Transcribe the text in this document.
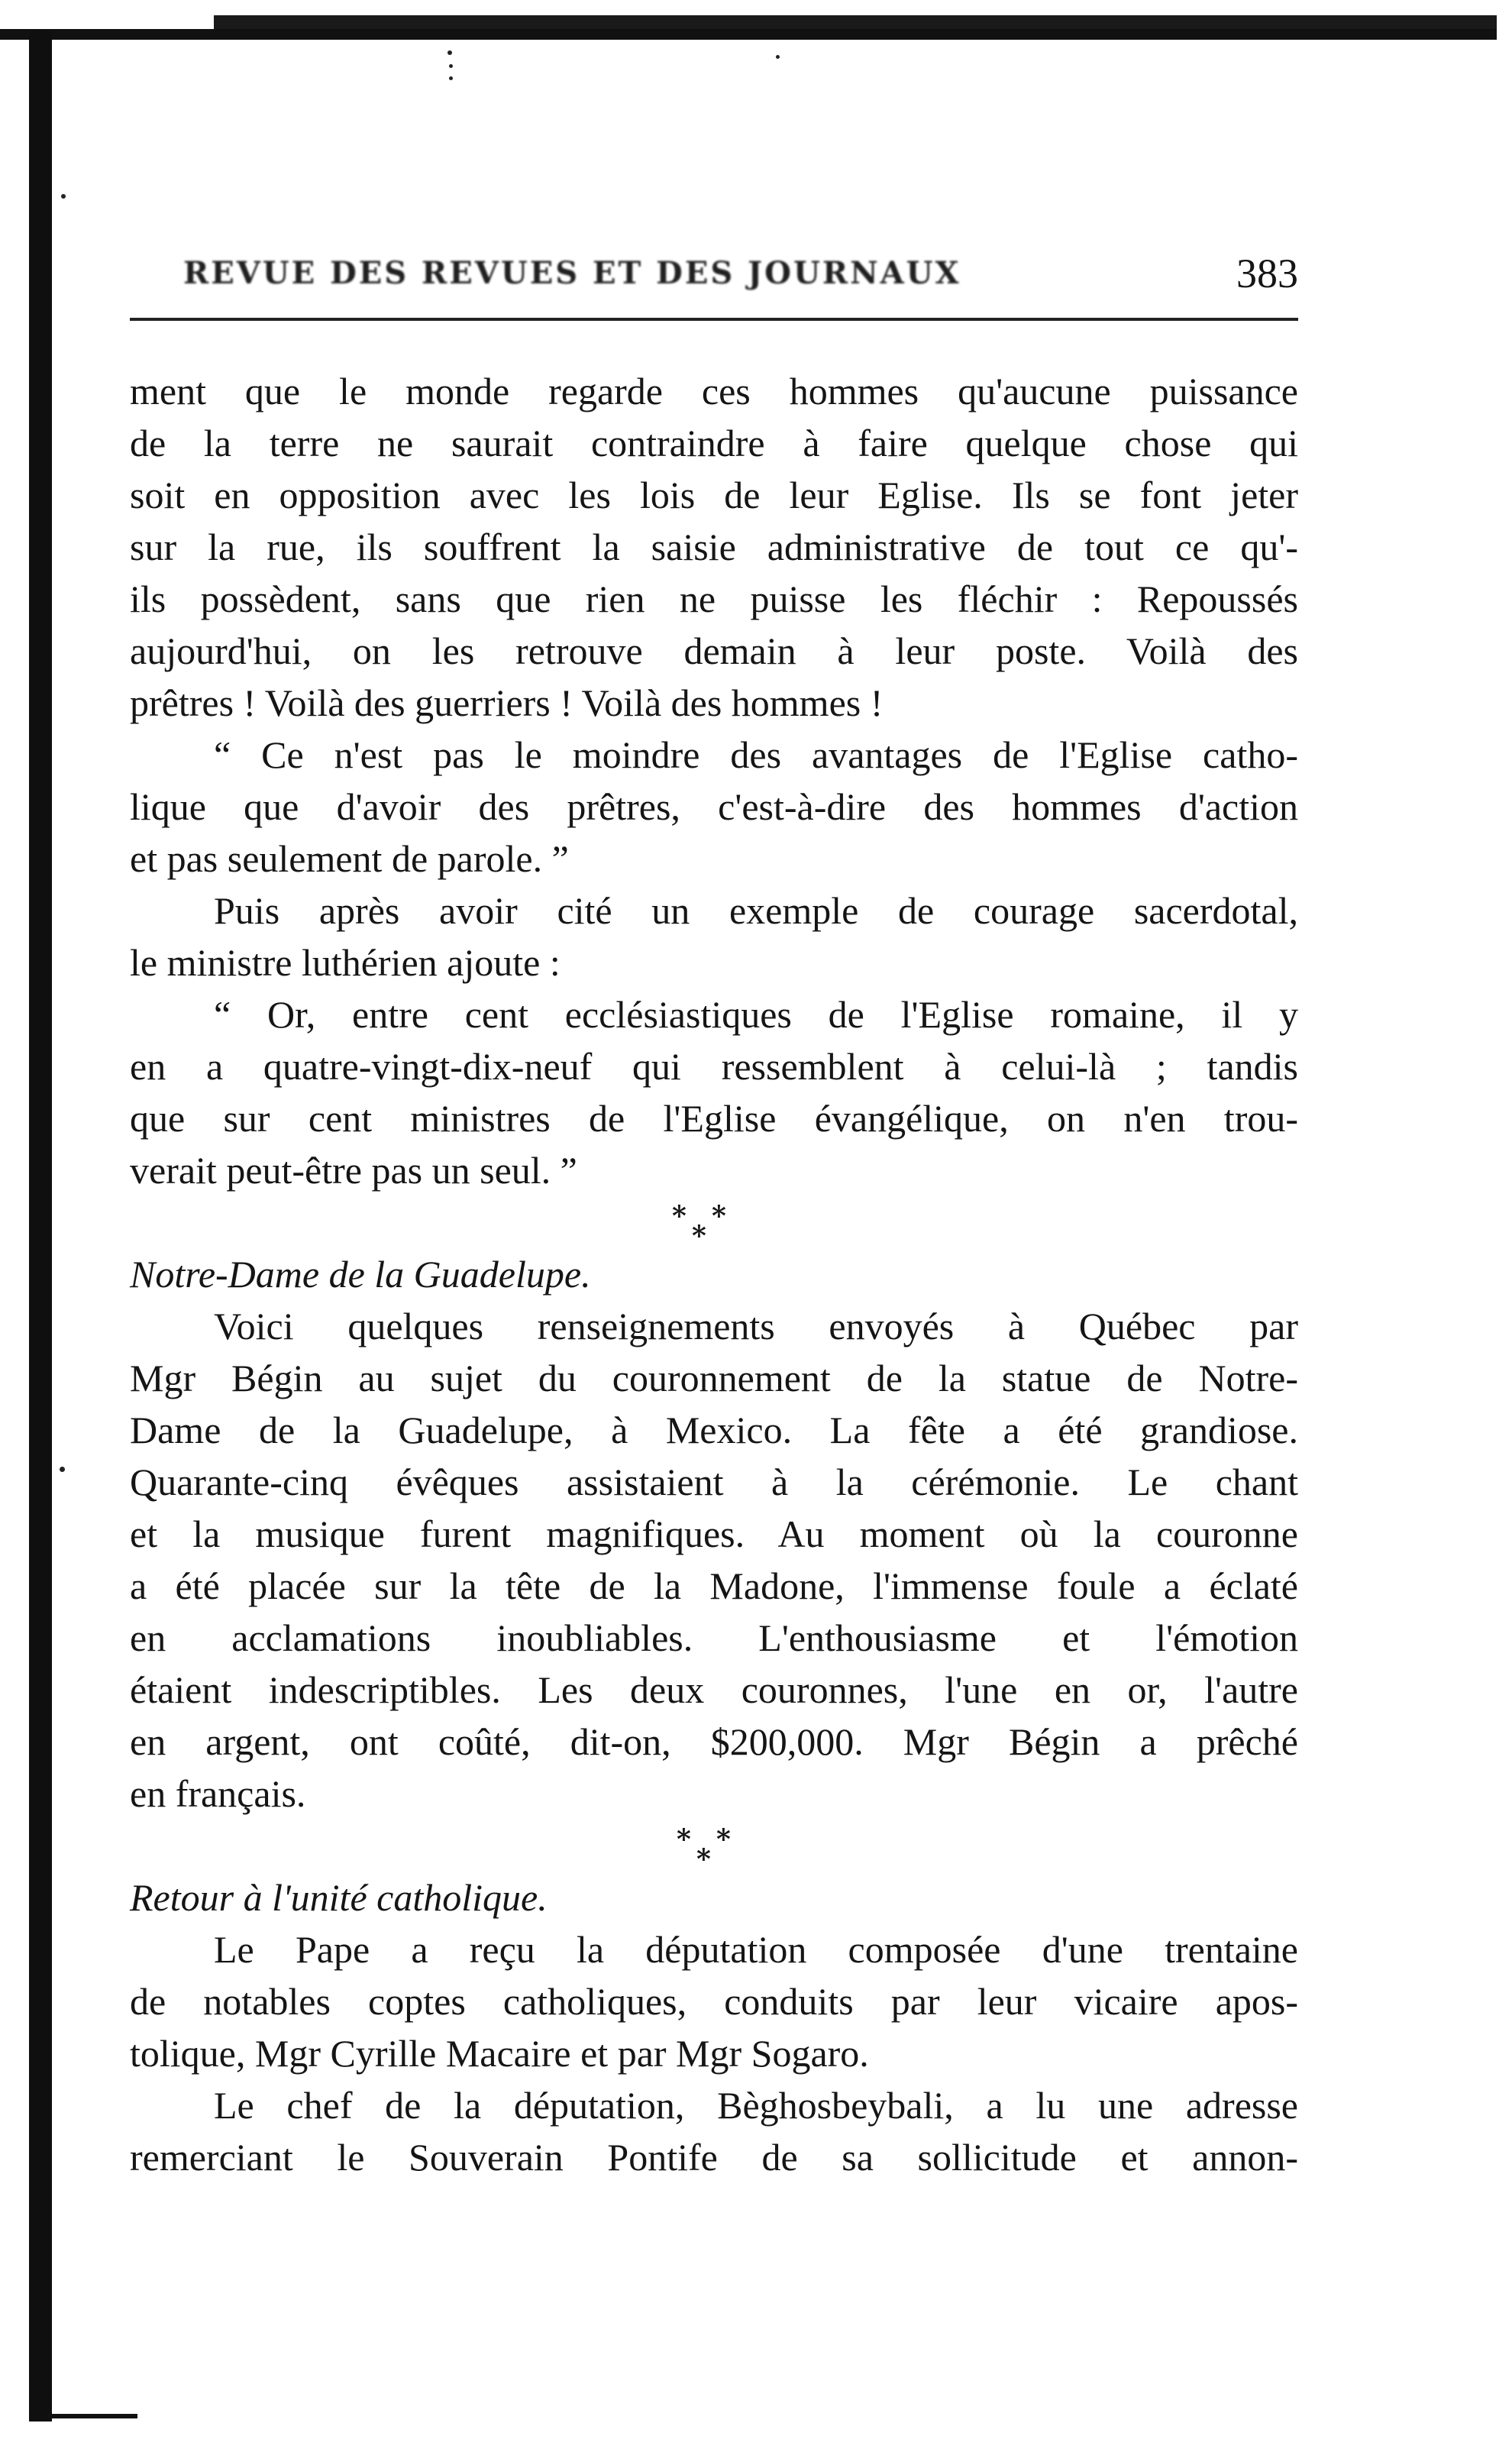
REVUE DES REVUES ET DES JOURNAUX	383
ment que le monde regarde ces hommes qu'aucune puissance
de la terre ne saurait contraindre à faire quelque chose qui
soit en opposition avec les lois de leur Eglise. Ils se font jeter
sur la rue, ils souffrent la saisie administrative de tout ce qu'-
ils possèdent, sans que rien ne puisse les fléchir : Repoussés
aujourd'hui, on les retrouve demain à leur poste. Voilà des
prêtres ! Voilà des guerriers ! Voilà des hommes !
“ Ce n'est pas le moindre des avantages de l'Eglise catho-
lique que d'avoir des prêtres, c'est-à-dire des hommes d'action
et pas seulement de parole. ”
Puis après avoir cité un exemple de courage sacerdotal,
le ministre luthérien ajoute :
“ Or, entre cent ecclésiastiques de l'Eglise romaine, il y
en a quatre-vingt-dix-neuf qui ressemblent à celui-là ; tandis
que sur cent ministres de l'Eglise évangélique, on n'en trou-
verait peut-être pas un seul. ”
* *
*
Notre-Dame de la Guadelupe.
Voici quelques renseignements envoyés à Québec par
Mgr Bégin au sujet du couronnement de la statue de Notre-
Dame de la Guadelupe, à Mexico. La fête a été grandiose.
Quarante-cinq évêques assistaient à la cérémonie. Le chant
et la musique furent magnifiques. Au moment où la couronne
a été placée sur la tête de la Madone, l'immense foule a éclaté
en acclamations inoubliables. L'enthousiasme et l'émotion
étaient indescriptibles. Les deux couronnes, l'une en or, l'autre
en argent, ont coûté, dit-on, $200,000. Mgr Bégin a prêché
en français.
* *
*
Retour à l'unité catholique.
Le Pape a reçu la députation composée d'une trentaine
de notables coptes catholiques, conduits par leur vicaire apos-
tolique, Mgr Cyrille Macaire et par Mgr Sogaro.
Le chef de la députation, Bèghosbeybali, a lu une adresse
remerciant le Souverain Pontife de sa sollicitude et annon-
